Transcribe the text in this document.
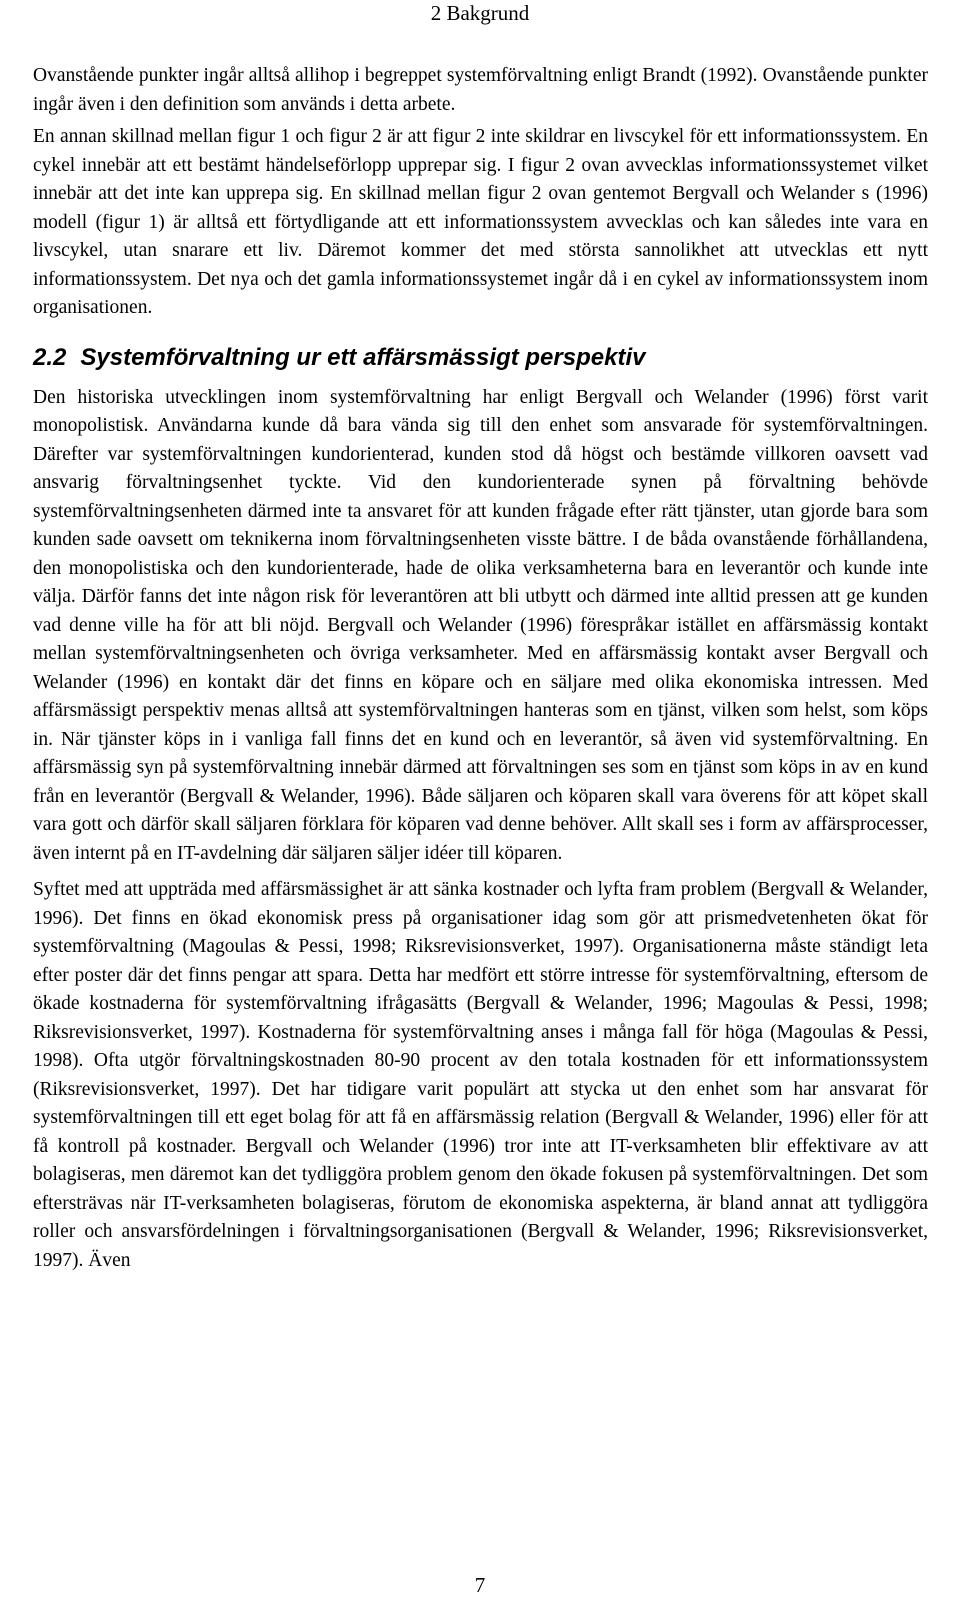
2 Bakgrund

Ovanstående punkter ingår alltså allihop i begreppet systemförvaltning enligt Brandt (1992). Ovanstående punkter ingår även i den definition som används i detta arbete.

En annan skillnad mellan figur 1 och figur 2 är att figur 2 inte skildrar en livscykel för ett informationssystem. En cykel innebär att ett bestämt händelseförlopp upprepar sig. I figur 2 ovan avvecklas informationssystemet vilket innebär att det inte kan upprepa sig. En skillnad mellan figur 2 ovan gentemot Bergvall och Welander s (1996) modell (figur 1) är alltså ett förtydligande att ett informationssystem avvecklas och kan således inte vara en livscykel, utan snarare ett liv. Däremot kommer det med största sannolikhet att utvecklas ett nytt informationssystem. Det nya och det gamla informationssystemet ingår då i en cykel av informationssystem inom organisationen.

2.2 Systemförvaltning ur ett affärsmässigt perspektiv

Den historiska utvecklingen inom systemförvaltning har enligt Bergvall och Welander (1996) först varit monopolistisk. Användarna kunde då bara vända sig till den enhet som ansvarade för systemförvaltningen. Därefter var systemförvaltningen kundorienterad, kunden stod då högst och bestämde villkoren oavsett vad ansvarig förvaltningsenhet tyckte. Vid den kundorienterade synen på förvaltning behövde systemförvaltningsenheten därmed inte ta ansvaret för att kunden frågade efter rätt tjänster, utan gjorde bara som kunden sade oavsett om teknikerna inom förvaltningsenheten visste bättre. I de båda ovanstående förhållandena, den monopolistiska och den kundorienterade, hade de olika verksamheterna bara en leverantör och kunde inte välja. Därför fanns det inte någon risk för leverantören att bli utbytt och därmed inte alltid pressen att ge kunden vad denne ville ha för att bli nöjd. Bergvall och Welander (1996) förespråkar istället en affärsmässig kontakt mellan systemförvaltningsenheten och övriga verksamheter. Med en affärsmässig kontakt avser Bergvall och Welander (1996) en kontakt där det finns en köpare och en säljare med olika ekonomiska intressen. Med affärsmässigt perspektiv menas alltså att systemförvaltningen hanteras som en tjänst, vilken som helst, som köps in. När tjänster köps in i vanliga fall finns det en kund och en leverantör, så även vid systemförvaltning. En affärsmässig syn på systemförvaltning innebär därmed att förvaltningen ses som en tjänst som köps in av en kund från en leverantör (Bergvall & Welander, 1996). Både säljaren och köparen skall vara överens för att köpet skall vara gott och därför skall säljaren förklara för köparen vad denne behöver. Allt skall ses i form av affärsprocesser, även internt på en IT-avdelning där säljaren säljer idéer till köparen.

Syftet med att uppträda med affärsmässighet är att sänka kostnader och lyfta fram problem (Bergvall & Welander, 1996). Det finns en ökad ekonomisk press på organisationer idag som gör att prismedvetenheten ökat för systemförvaltning (Magoulas & Pessi, 1998; Riksrevisionsverket, 1997). Organisationerna måste ständigt leta efter poster där det finns pengar att spara. Detta har medfört ett större intresse för systemförvaltning, eftersom de ökade kostnaderna för systemförvaltning ifrågasätts (Bergvall & Welander, 1996; Magoulas & Pessi, 1998; Riksrevisionsverket, 1997). Kostnaderna för systemförvaltning anses i många fall för höga (Magoulas & Pessi, 1998). Ofta utgör förvaltningskostnaden 80-90 procent av den totala kostnaden för ett informationssystem (Riksrevisionsverket, 1997). Det har tidigare varit populärt att stycka ut den enhet som har ansvarat för systemförvaltningen till ett eget bolag för att få en affärsmässig relation (Bergvall & Welander, 1996) eller för att få kontroll på kostnader. Bergvall och Welander (1996) tror inte att IT-verksamheten blir effektivare av att bolagiseras, men däremot kan det tydliggöra problem genom den ökade fokusen på systemförvaltningen. Det som eftersträvas när IT-verksamheten bolagiseras, förutom de ekonomiska aspekterna, är bland annat att tydliggöra roller och ansvarsfördelningen i förvaltningsorganisationen (Bergvall & Welander, 1996; Riksrevisionsverket, 1997). Även

7
